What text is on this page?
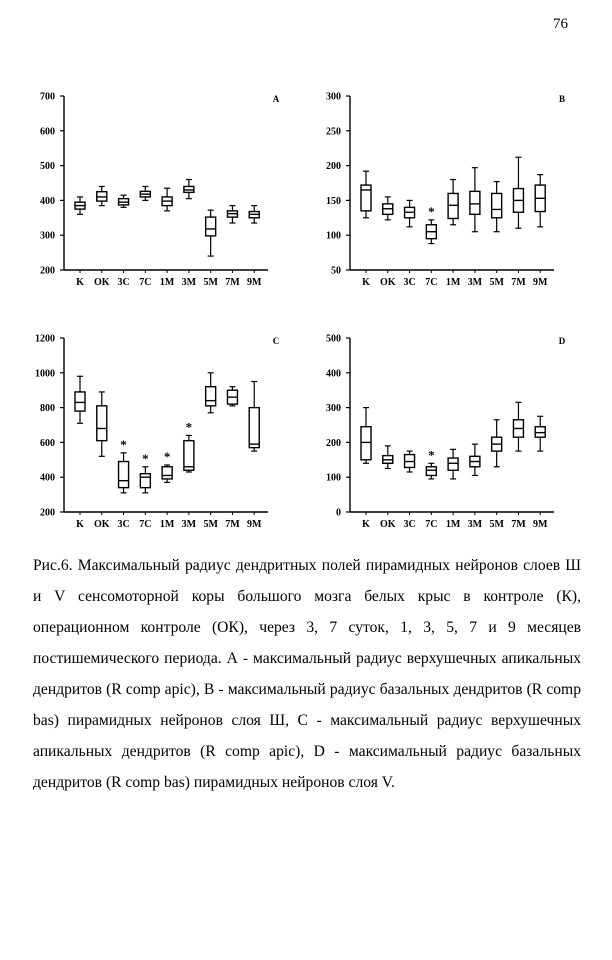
76
200
300
400
500
600
700	A
K OK 3C 7C 1M 3M 5M 7M 9M
50
100
150
200
250
300	B
K OK 3C
*
7C 1M 3M 5M 7M 9M
200
400
600
800
1000
1200	C
K OK
*
3C
*
7C
*
1M
*
3M 5M 7M 9M
0
100
200
300
400
500	D
K OK 3C
*
7C 1M 3M 5M 7M 9M
Рис.6. Максимальный радиус дендритных полей пирамидных нейронов слоев Ш и V сенсомоторной коры большого мозга белых крыс в контроле (К), операционном контроле (ОК), через 3, 7 суток, 1, 3, 5, 7 и 9 месяцев постишемического периода. А - максимальный радиус верхушечных апикальных дендритов (R comp apic), В - максимальный радиус базальных дендритов (R comp bas) пирамидных нейронов слоя Ш, С - максимальный радиус верхушечных апикальных дендритов (R comp apic), D - максимальный радиус базальных дендритов (R comp bas) пирамидных нейронов слоя V.
